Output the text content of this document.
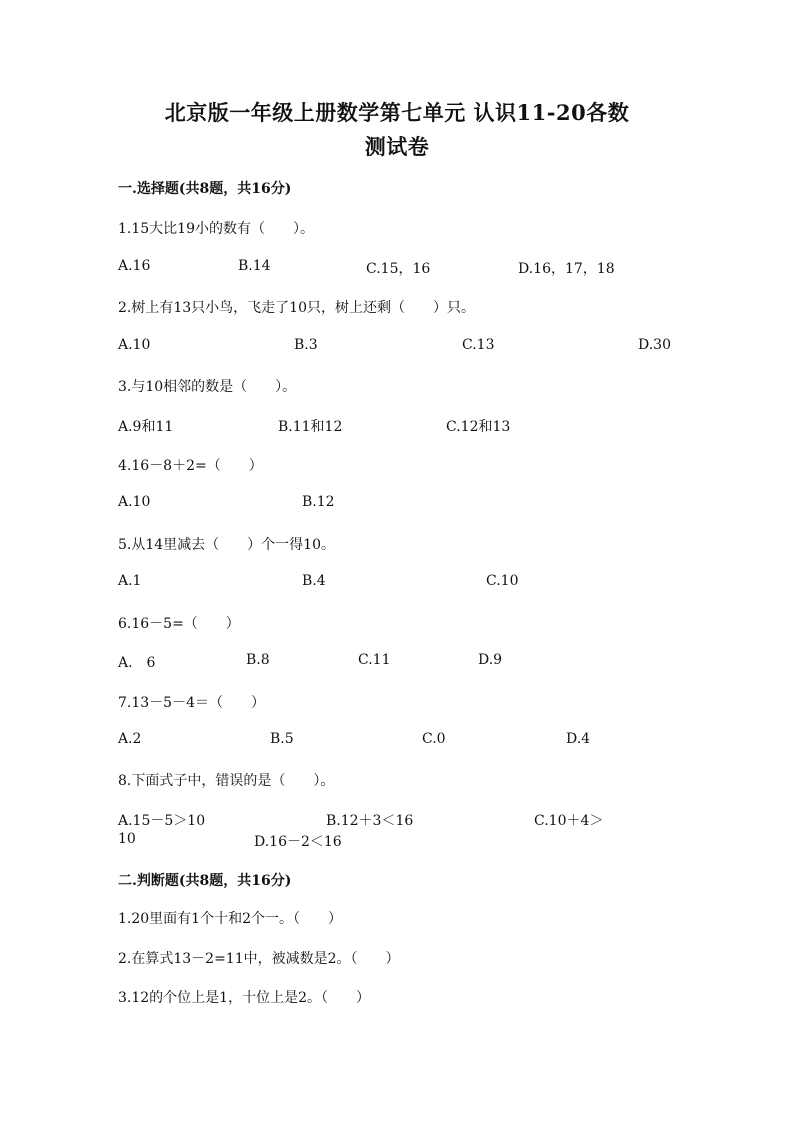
北京版一年级上册数学第七单元 认识11-20各数
测试卷
一.选择题(共8题，共16分)
1.15大比19小的数有（　　）。
A.16	B.14	C.15，16	D.16，17，18
2.树上有13只小鸟，飞走了10只，树上还剩（　　）只。
A.10	B.3	C.13	D.30
3.与10相邻的数是（　　）。
A.9和11	B.11和12	C.12和13
4.16－8＋2=（　　）
A.10	B.12
5.从14里减去（　　）个一得10。
A.1	B.4	C.10
6.16－5=（　　）
A.　6	B.8	C.11	D.9
7.13－5－4＝（　　）
A.2	B.5	C.0	D.4
8.下面式子中，错误的是（　　）。
A.15－5＞10	B.12＋3＜16	C.10＋4＞
10	D.16－2＜16
二.判断题(共8题，共16分)
1.20里面有1个十和2个一。（　　）
2.在算式13－2=11中，被减数是2。（　　）
3.12的个位上是1，十位上是2。（　　）
